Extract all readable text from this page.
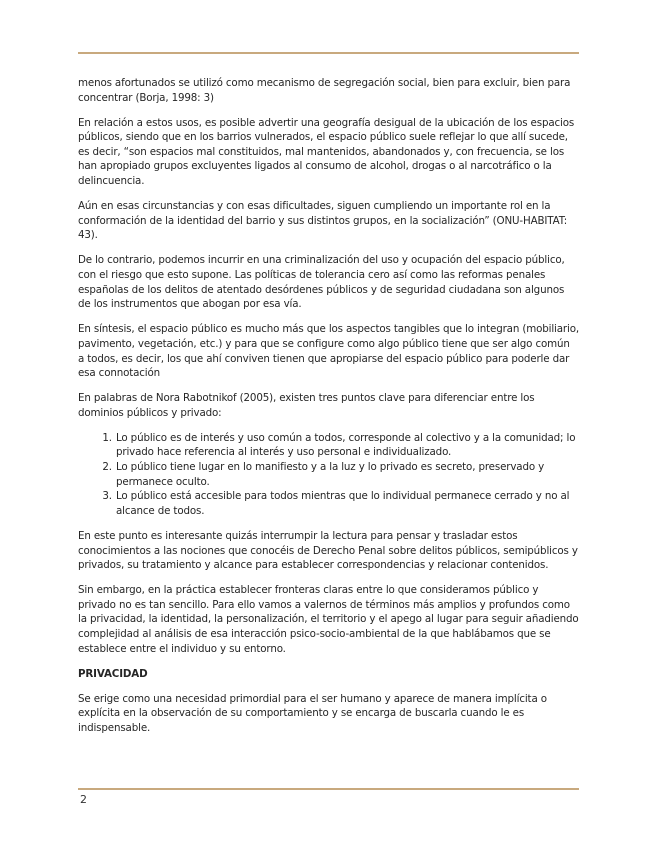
menos afortunados se utilizó como mecanismo de segregación social, bien para excluir, bien para concentrar (Borja, 1998: 3)

En relación a estos usos, es posible advertir una geografía desigual de la ubicación de los espacios públicos, siendo que en los barrios vulnerados, el espacio público suele reflejar lo que allí sucede, es decir, “son espacios mal constituidos, mal mantenidos, abandonados y, con frecuencia, se los han apropiado grupos excluyentes ligados al consumo de alcohol, drogas o al narcotráfico o la delincuencia.

Aún en esas circunstancias y con esas dificultades, siguen cumpliendo un importante rol en la conformación de la identidad del barrio y sus distintos grupos, en la socialización” (ONU-HABITAT: 43).

De lo contrario, podemos incurrir en una criminalización del uso y ocupación del espacio público, con el riesgo que esto supone. Las políticas de tolerancia cero así como las reformas penales españolas de los delitos de atentado desórdenes públicos y de seguridad ciudadana son algunos de los instrumentos que abogan por esa vía.

En síntesis, el espacio público es mucho más que los aspectos tangibles que lo integran (mobiliario, pavimento, vegetación, etc.) y para que se configure como algo público tiene que ser algo común a todos, es decir, los que ahí conviven tienen que apropiarse del espacio público para poderle dar esa connotación

En palabras de Nora Rabotnikof (2005), existen tres puntos clave para diferenciar entre los dominios públicos y privado:

1. Lo público es de interés y uso común a todos, corresponde al colectivo y a la comunidad; lo privado hace referencia al interés y uso personal e individualizado.
2. Lo público tiene lugar en lo manifiesto y a la luz y lo privado es secreto, preservado y permanece oculto.
3. Lo público está accesible para todos mientras que lo individual permanece cerrado y no al alcance de todos.

En este punto es interesante quizás interrumpir la lectura para pensar y trasladar estos conocimientos a las nociones que conocéis de Derecho Penal sobre delitos públicos, semipúblicos y privados, su tratamiento y alcance para establecer correspondencias y relacionar contenidos.

Sin embargo, en la práctica establecer fronteras claras entre lo que consideramos público y privado no es tan sencillo. Para ello vamos a valernos de términos más amplios y profundos como la privacidad, la identidad, la personalización, el territorio y el apego al lugar para seguir añadiendo complejidad al análisis de esa interacción psico-socio-ambiental de la que hablábamos que se establece entre el individuo y su entorno.

PRIVACIDAD

Se erige como una necesidad primordial para el ser humano y aparece de manera implícita o explícita en la observación de su comportamiento y se encarga de buscarla cuando le es indispensable.

2
